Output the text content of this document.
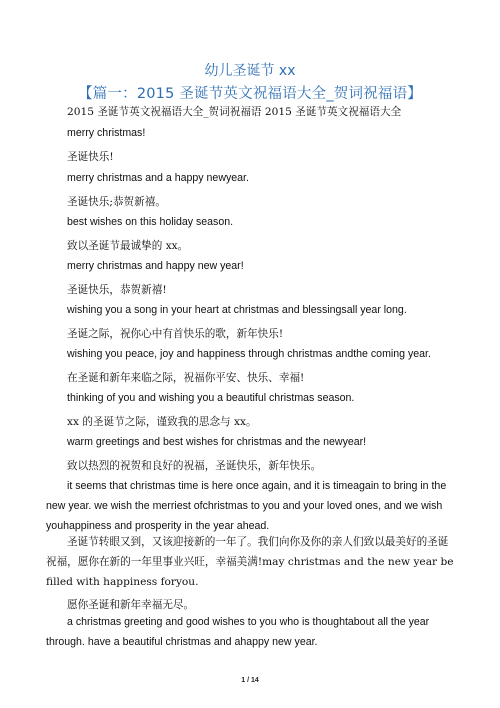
幼儿圣诞节 xx
【篇一：2015 圣诞节英文祝福语大全_贺词祝福语】
2015 圣诞节英文祝福语大全_贺词祝福语 2015 圣诞节英文祝福语大全
merry christmas!
圣诞快乐!
merry christmas and a happy newyear.
圣诞快乐;恭贺新禧。
best wishes on this holiday season.
致以圣诞节最诚挚的 xx。
merry christmas and happy new year!
圣诞快乐，恭贺新禧!
wishing you a song in your heart at christmas and blessingsall year long.
圣诞之际，祝你心中有首快乐的歌，新年快乐!
wishing you peace, joy and happiness through christmas andthe coming year.
在圣诞和新年来临之际，祝福你平安、快乐、幸福!
thinking of you and wishing you a beautiful christmas season.
xx 的圣诞节之际，谨致我的思念与 xx。
warm greetings and best wishes for christmas and the newyear!
致以热烈的祝贺和良好的祝福，圣诞快乐，新年快乐。

it seems that christmas time is here once again, and it is timeagain to bring in the new year. we wish the merriest ofchristmas to you and your loved ones, and we wish youhappiness and prosperity in the year ahead.

圣诞节转眼又到，又该迎接新的一年了。我们向你及你的亲人们致以最美好的圣诞祝福，愿你在新的一年里事业兴旺，幸福美满!may christmas and the new year be filled with happiness foryou.

愿你圣诞和新年幸福无尽。

a christmas greeting and good wishes to you who is thoughtabout all the year through. have a beautiful christmas and ahappy new year.

1 / 14
